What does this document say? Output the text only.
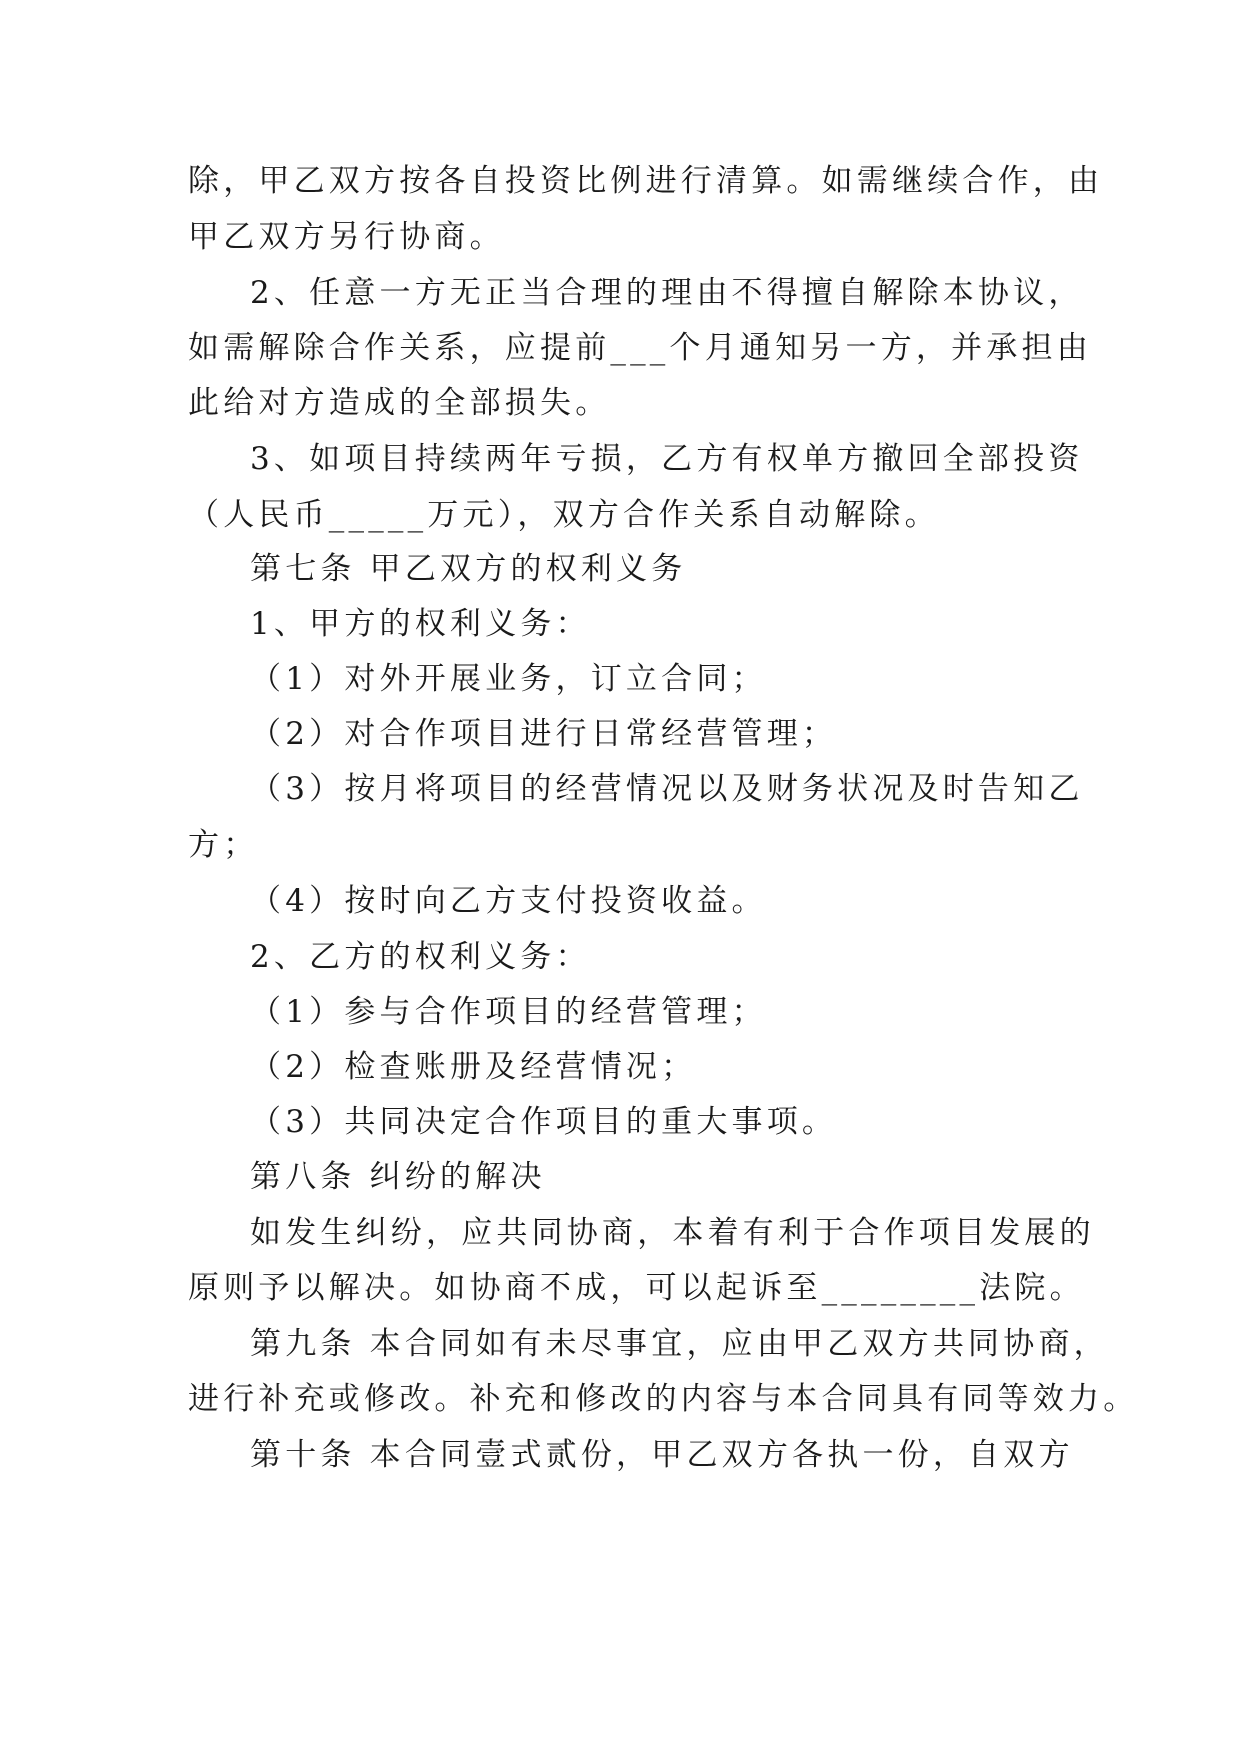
除，甲乙双方按各自投资比例进行清算。如需继续合作，由
甲乙双方另行协商。
2、任意一方无正当合理的理由不得擅自解除本协议，
如需解除合作关系，应提前___个月通知另一方，并承担由
此给对方造成的全部损失。
3、如项目持续两年亏损，乙方有权单方撤回全部投资
（人民币_____万元），双方合作关系自动解除。
第七条 甲乙双方的权利义务
1、甲方的权利义务：
（1）对外开展业务，订立合同；
（2）对合作项目进行日常经营管理；
（3）按月将项目的经营情况以及财务状况及时告知乙
方；
（4）按时向乙方支付投资收益。
2、乙方的权利义务：
（1）参与合作项目的经营管理；
（2）检查账册及经营情况；
（3）共同决定合作项目的重大事项。
第八条 纠纷的解决
如发生纠纷，应共同协商，本着有利于合作项目发展的
原则予以解决。如协商不成，可以起诉至________法院。
第九条 本合同如有未尽事宜，应由甲乙双方共同协商，
进行补充或修改。补充和修改的内容与本合同具有同等效力。
第十条 本合同壹式贰份，甲乙双方各执一份，自双方
